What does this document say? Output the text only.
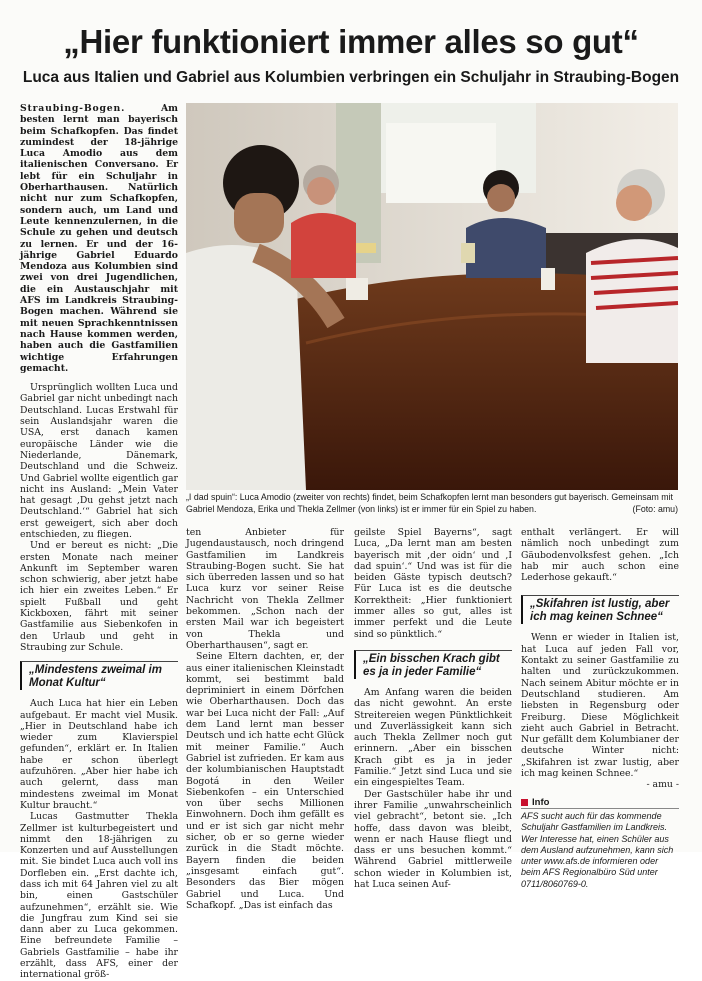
„Hier funktioniert immer alles so gut“
Luca aus Italien und Gabriel aus Kolumbien verbringen ein Schuljahr in Straubing-Bogen
„I dad spuin“: Luca Amodio (zweiter von rechts) findet, beim Schafkopfen lernt man besonders gut bayerisch. Gemeinsam mit Gabriel Mendoza, Erika und Thekla Zellmer (von links) ist er immer für ein Spiel zu haben.	(Foto: amu)

Straubing-Bogen.	Am besten lernt man bayerisch beim Schafkopfen. Das findet zumindest der 18-jährige Luca Amodio aus dem italienischen Conversano. Er lebt für ein Schuljahr in Oberharthausen. Natürlich nicht nur zum Schafkopfen, sondern auch, um Land und Leute kennenzulernen, in die Schule zu gehen und deutsch zu lernen. Er und der 16-jährige Gabriel Eduardo Mendoza aus Kolumbien sind zwei von drei Jugendlichen, die ein Austauschjahr mit AFS im Landkreis Straubing-Bogen machen. Während sie mit neuen Sprachkenntnissen nach Hause kommen werden, haben auch die Gastfamilien wichtige Erfahrungen gemacht.

Ursprünglich wollten Luca und Gabriel gar nicht unbedingt nach Deutschland. Lucas Erstwahl für sein Auslandsjahr waren die USA, erst danach kamen europäische Länder wie die Niederlande, Dänemark, Deutschland und die Schweiz. Und Gabriel wollte eigentlich gar nicht ins Ausland: „Mein Vater hat gesagt ,Du gehst jetzt nach Deutschland.‘“ Gabriel hat sich erst geweigert, sich aber doch entschieden, zu fliegen.

Und er bereut es nicht: „Die ersten Monate nach meiner Ankunft im September waren schon schwierig, aber jetzt habe ich hier ein zweites Leben.“ Er spielt Fußball und geht Kickboxen, fährt mit seiner Gastfamilie aus Siebenkofen in den Urlaub und geht in Straubing zur Schule.

„Mindestens zweimal im Monat Kultur“

Auch Luca hat hier ein Leben aufgebaut. Er macht viel Musik. „Hier in Deutschland habe ich wieder zum Klavierspiel gefunden“, erklärt er. In Italien habe er schon überlegt aufzuhören. „Aber hier habe ich auch gelernt, dass man mindestens zweimal im Monat Kultur braucht.“

Lucas Gastmutter Thekla Zellmer ist kulturbegeistert und nimmt den 18-jährigen zu Konzerten und auf Ausstellungen mit. Sie bindet Luca auch voll ins Dorfleben ein. „Erst dachte ich, dass ich mit 64 Jahren viel zu alt bin, einen Gastschüler aufzunehmen“, erzählt sie. Wie die Jungfrau zum Kind sei sie dann aber zu Luca gekommen. Eine befreundete Familie – Gabriels Gastfamilie – habe ihr erzählt, dass AFS, einer der international größ-

ten Anbieter für Jugendaustausch, noch dringend Gastfamilien im Landkreis Straubing-Bogen sucht. Sie hat sich überreden lassen und so hat Luca kurz vor seiner Reise Nachricht von Thekla Zellmer bekommen. „Schon nach der ersten Mail war ich begeistert von Thekla und Oberharthausen“, sagt er.

Seine Eltern dachten, er, der aus einer italienischen Kleinstadt kommt, sei bestimmt bald depriminiert in einem Dörfchen wie Oberharthausen. Doch das war bei Luca nicht der Fall: „Auf dem Land lernt man besser Deutsch und ich hatte echt Glück mit meiner Familie.“ Auch Gabriel ist zufrieden. Er kam aus der kolumbianischen Hauptstadt Bogotá in den Weiler Siebenkofen – ein Unterschied von über sechs Millionen Einwohnern. Doch ihm gefällt es und er ist sich gar nicht mehr sicher, ob er so gerne wieder zurück in die Stadt möchte. Bayern finden die beiden „insgesamt einfach gut“. Besonders das Bier mögen Gabriel und Luca. Und Schafkopf. „Das ist einfach das

geilste Spiel Bayerns“, sagt Luca, „Da lernt man am besten bayerisch mit ,der oidn‘ und ,I dad spuin‘.“ Und was ist für die beiden Gäste typisch deutsch? Für Luca ist es die deutsche Korrektheit: „Hier funktioniert immer alles so gut, alles ist immer perfekt und die Leute sind so pünktlich.“

„Ein bisschen Krach gibt es ja in jeder Familie“

Am Anfang waren die beiden das nicht gewohnt. An erste Streitereien wegen Pünktlichkeit und Zuverlässigkeit kann sich auch Thekla Zellmer noch gut erinnern. „Aber ein bisschen Krach gibt es ja in jeder Familie.“ Jetzt sind Luca und sie ein eingespieltes Team.

Der Gastschüler habe ihr und ihrer Familie „unwahrscheinlich viel gebracht“, betont sie. „Ich hoffe, dass davon was bleibt, wenn er nach Hause fliegt und dass er uns besuchen kommt.“ Während Gabriel mittlerweile schon wieder in Kolumbien ist, hat Luca seinen Auf-

enthalt verlängert. Er will nämlich noch unbedingt zum Gäubodenvolksfest gehen. „Ich hab mir auch schon eine Lederhose gekauft.“

„Skifahren ist lustig, aber ich mag keinen Schnee“

Wenn er wieder in Italien ist, hat Luca auf jeden Fall vor, Kontakt zu seiner Gastfamilie zu halten und zurückzukommen. Nach seinem Abitur möchte er in Deutschland studieren. Am liebsten in Regensburg oder Freiburg. Diese Möglichkeit zieht auch Gabriel in Betracht. Nur gefällt dem Kolumbianer der deutsche Winter nicht: „Skifahren ist zwar lustig, aber ich mag keinen Schnee.“

- amu -
Info
AFS sucht auch für das kommende Schuljahr Gastfamilien im Landkreis. Wer Interesse hat, einen Schüler aus dem Ausland aufzunehmen, kann sich unter www.afs.de informieren oder beim AFS Regionalbüro Süd unter 0711/8060769-0.
